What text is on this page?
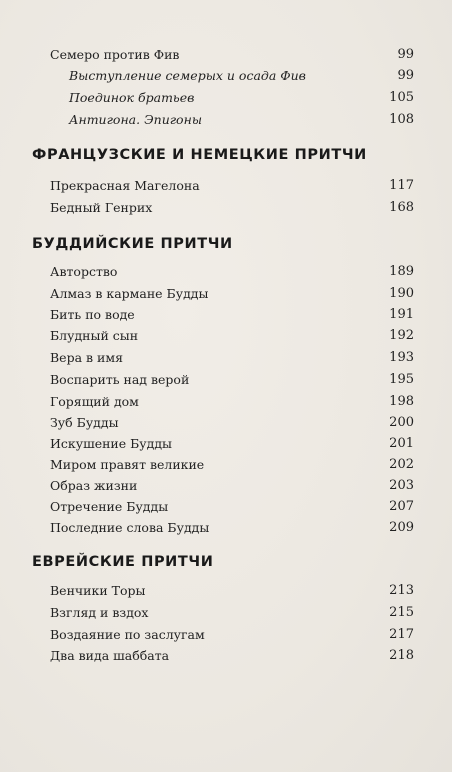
Семеро против Фив	99
Выступление семерых и осада Фив	99
Поединок братьев	105
Антигона. Эпигоны	108
ФРАНЦУЗСКИЕ И НЕМЕЦКИЕ ПРИТЧИ
Прекрасная Магелона	117
Бедный Генрих	168
БУДДИЙСКИЕ ПРИТЧИ
Авторство	189
Алмаз в кармане Будды	190
Бить по воде	191
Блудный сын	192
Вера в имя	193
Воспарить над верой	195
Горящий дом	198
Зуб Будды	200
Искушение Будды	201
Миром правят великие	202
Образ жизни	203
Отречение Будды	207
Последние слова Будды	209
ЕВРЕЙСКИЕ ПРИТЧИ
Венчики Торы	213
Взгляд и вздох	215
Воздаяние по заслугам	217
Два вида шаббата	218
